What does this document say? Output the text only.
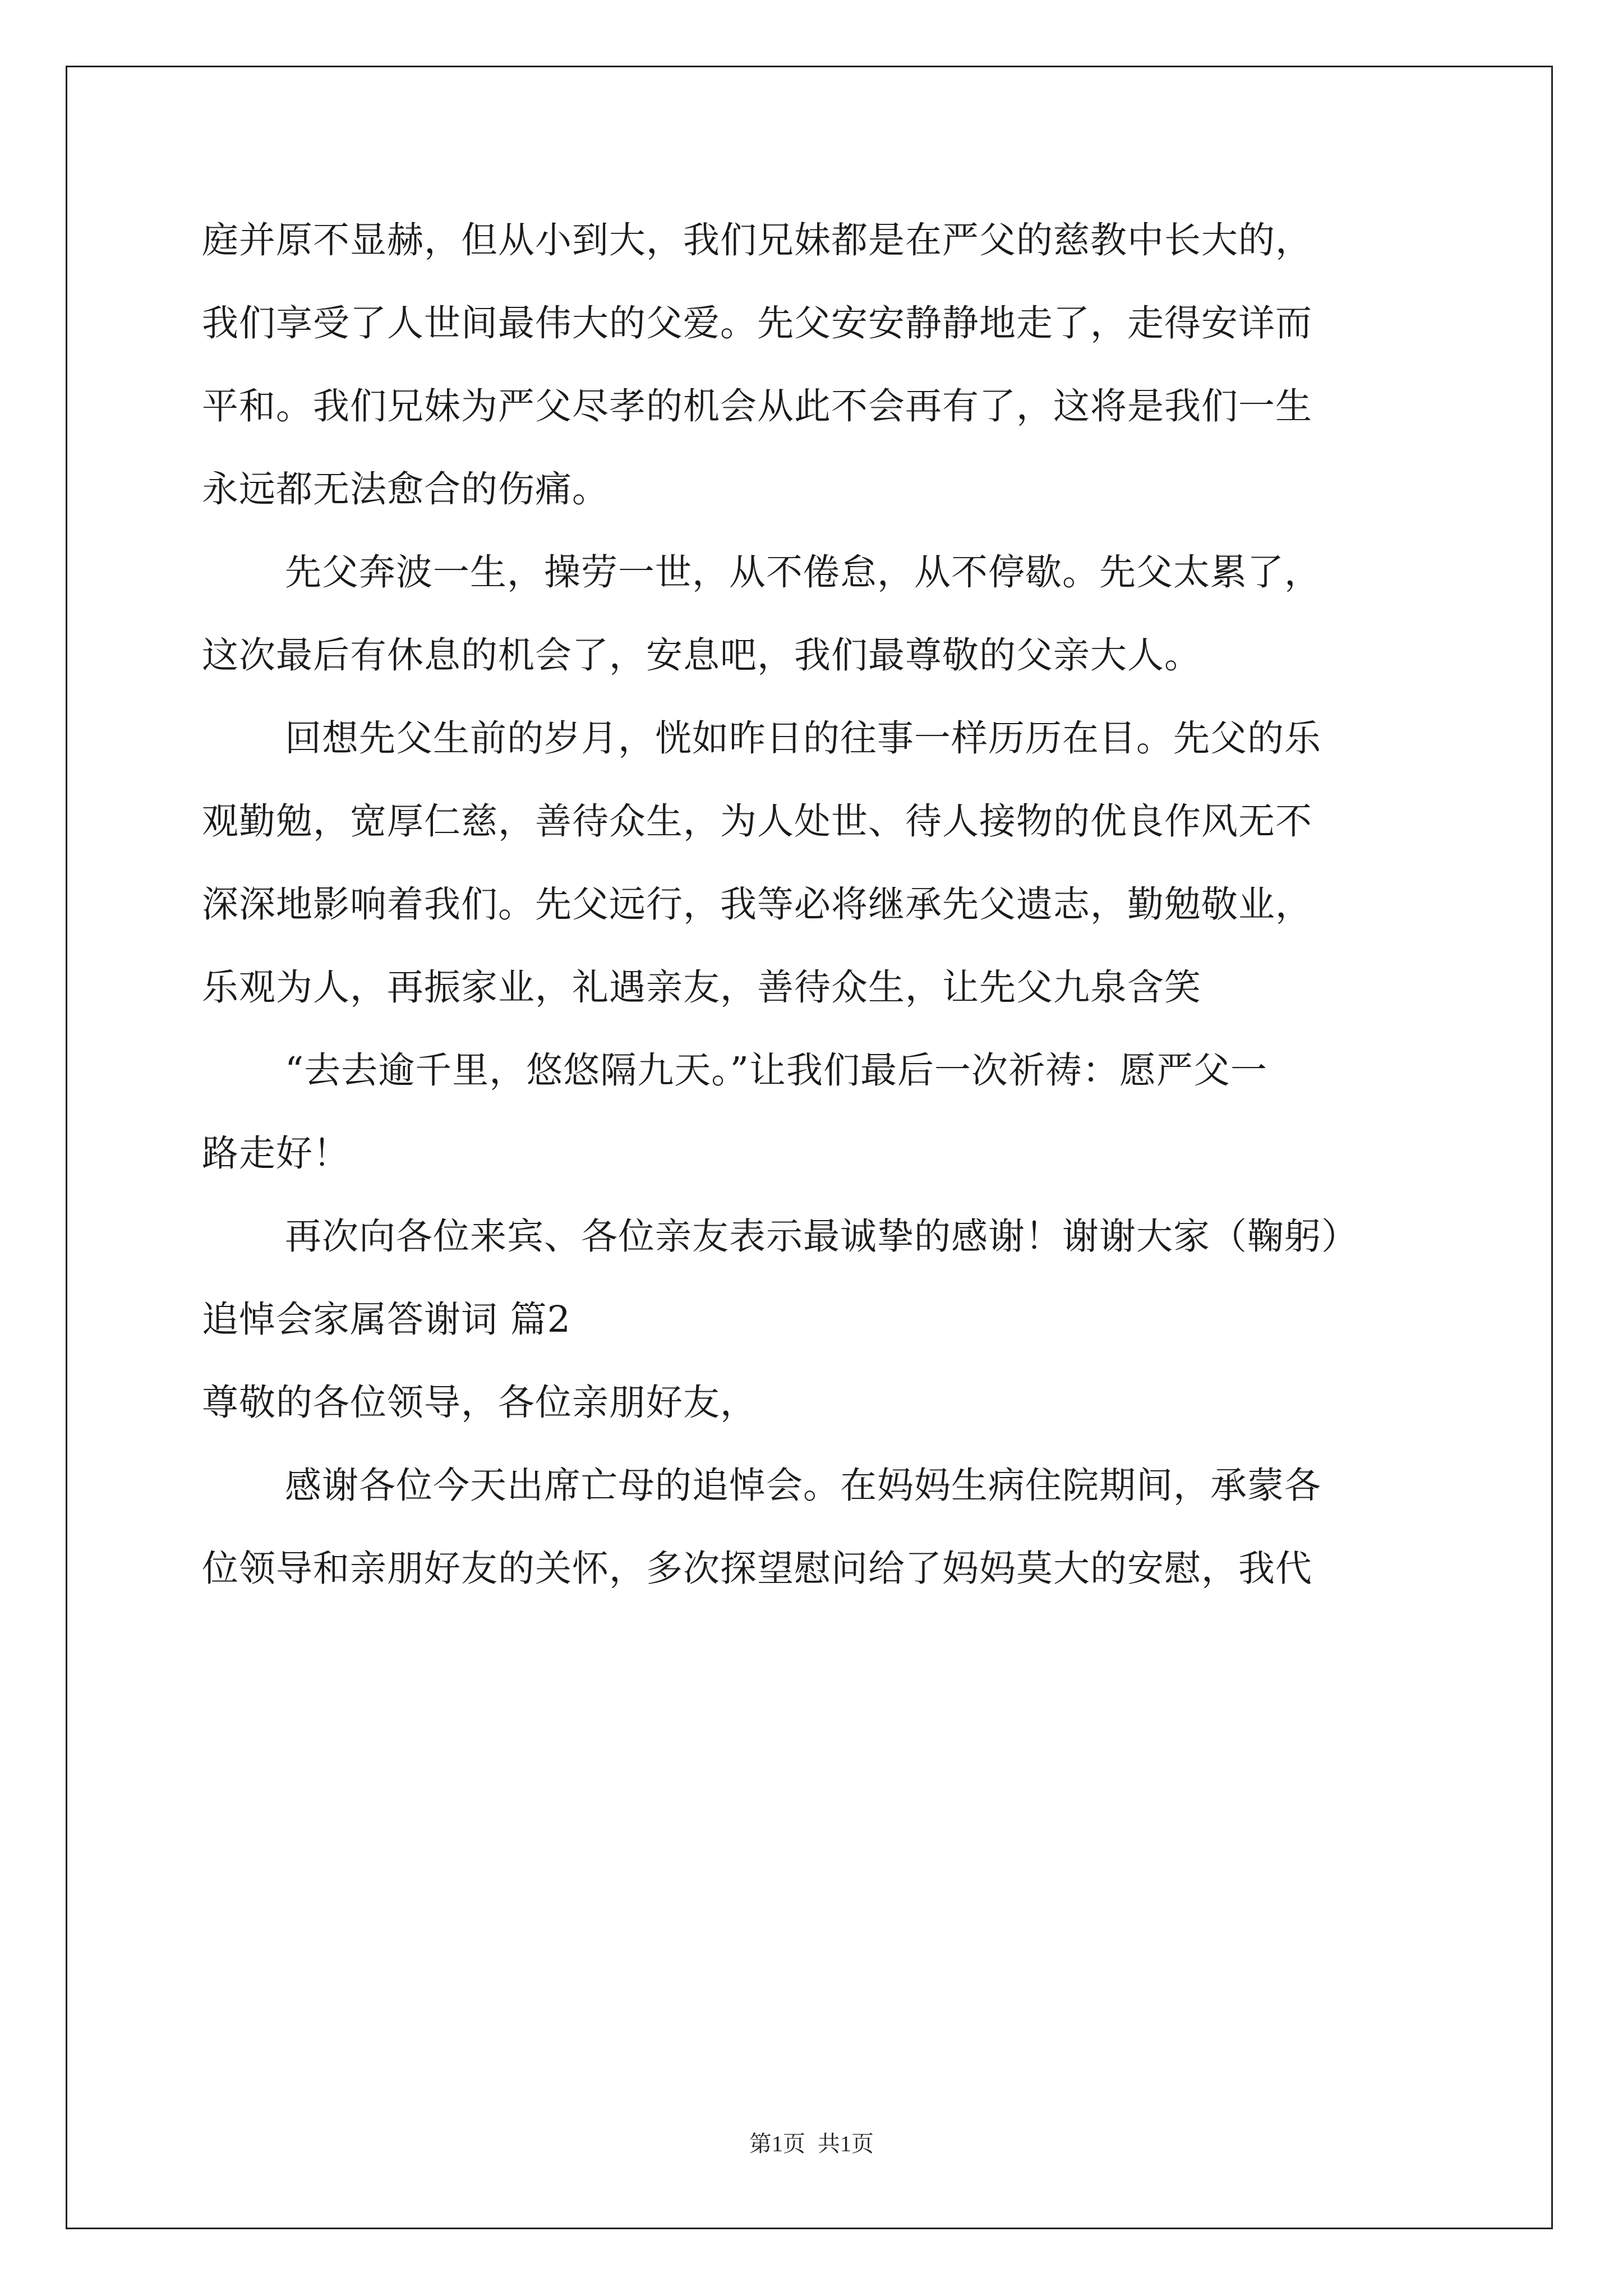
庭并原不显赫，但从小到大，我们兄妹都是在严父的慈教中长大的，
我们享受了人世间最伟大的父爱。先父安安静静地走了，走得安详而
平和。我们兄妹为严父尽孝的机会从此不会再有了，这将是我们一生
永远都无法愈合的伤痛。
先父奔波一生，操劳一世，从不倦怠，从不停歇。先父太累了，
这次最后有休息的机会了，安息吧，我们最尊敬的父亲大人。
回想先父生前的岁月，恍如昨日的往事一样历历在目。先父的乐
观勤勉，宽厚仁慈，善待众生，为人处世、待人接物的优良作风无不
深深地影响着我们。先父远行，我等必将继承先父遗志，勤勉敬业，
乐观为人，再振家业，礼遇亲友，善待众生，让先父九泉含笑
“去去逾千里，悠悠隔九天。”让我们最后一次祈祷：愿严父一
路走好！
再次向各位来宾、各位亲友表示最诚挚的感谢！谢谢大家（鞠躬）
追悼会家属答谢词 篇2
尊敬的各位领导，各位亲朋好友，
感谢各位今天出席亡母的追悼会。在妈妈生病住院期间，承蒙各
位领导和亲朋好友的关怀，多次探望慰问给了妈妈莫大的安慰，我代
第1页 共1页
